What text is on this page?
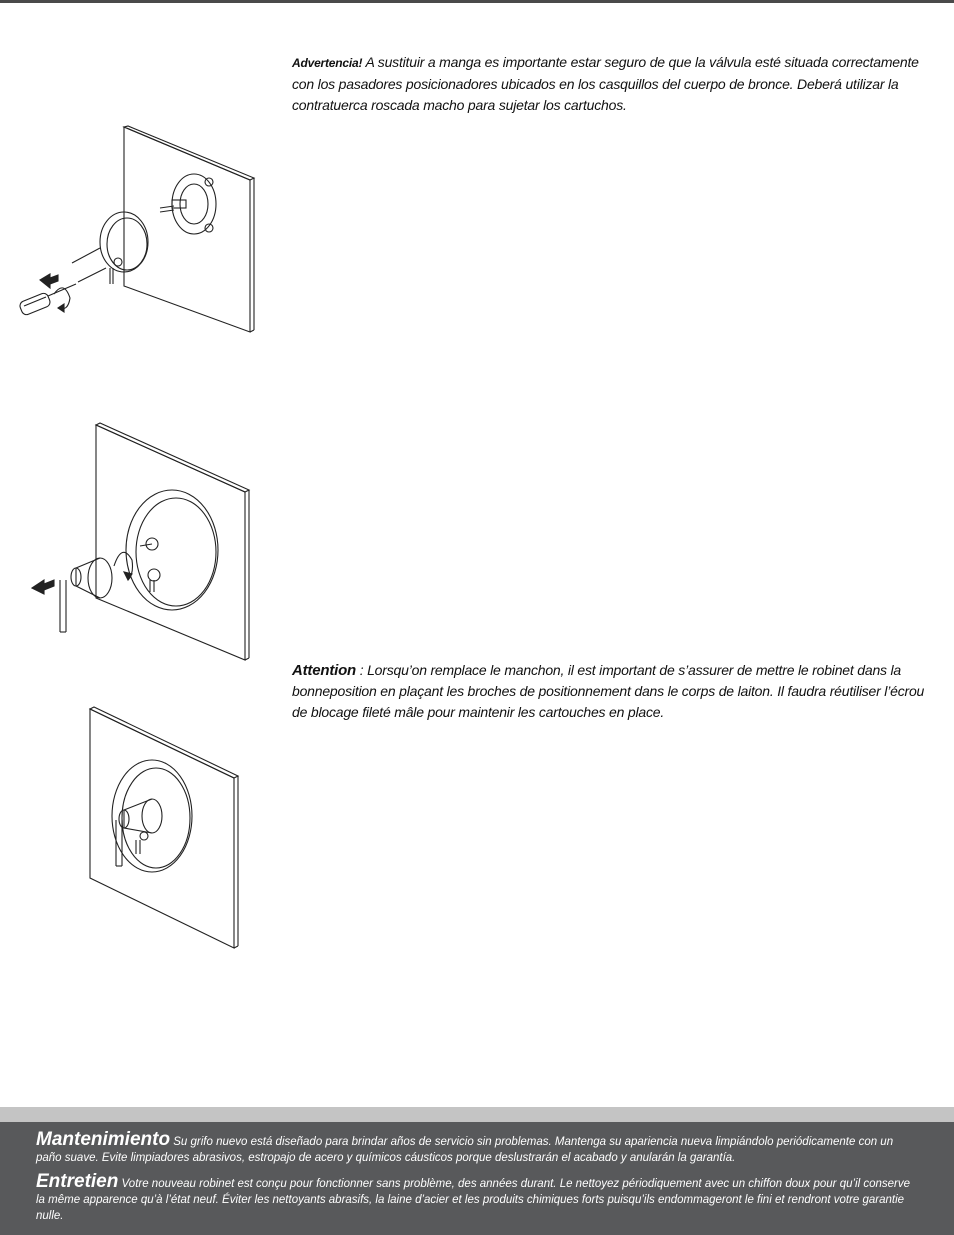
Advertencia! A sustituir a manga es importante estar seguro de que la válvula esté situada correctamente con los pasadores posicionadores ubicados en los casquillos del cuerpo de bronce. Deberá utilizar la contratuerca roscada macho para sujetar los cartuchos.
Attention : Lorsqu’on remplace le manchon, il est important de s’assurer de mettre le robinet dans la bonneposition en plaçant les broches de positionnement dans le corps de laiton. Il faudra réutiliser l’écrou de blocage fileté mâle pour maintenir les cartouches en place.
Mantenimiento Su grifo nuevo está diseñado para brindar años de servicio sin problemas. Mantenga su apariencia nueva limpiándolo periódicamente con un paño suave. Evite limpiadores abrasivos, estropajo de acero y químicos cáusticos porque deslustrarán el acabado y anularán la garantía.
Entretien Votre nouveau robinet est conçu pour fonctionner sans problème, des années durant. Le nettoyez périodiquement avec un chiffon doux pour qu’il conserve la même apparence qu’à l’état neuf. Éviter les nettoyants abrasifs, la laine d’acier et les produits chimiques forts puisqu’ils endommageront le fini et rendront votre garantie nulle.
